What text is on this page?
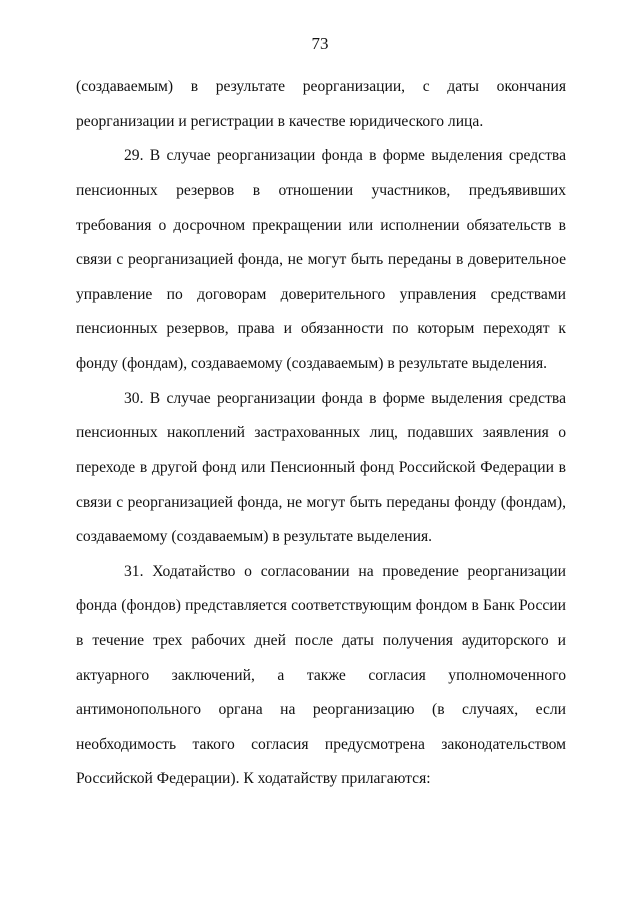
73

(создаваемым) в результате реорганизации, с даты окончания реорганизации и регистрации в качестве юридического лица.

29. В случае реорганизации фонда в форме выделения средства пенсионных резервов в отношении участников, предъявивших требования о досрочном прекращении или исполнении обязательств в связи с реорганизацией фонда, не могут быть переданы в доверительное управление по договорам доверительного управления средствами пенсионных резервов, права и обязанности по которым переходят к фонду (фондам), создаваемому (создаваемым) в результате выделения.

30. В случае реорганизации фонда в форме выделения средства пенсионных накоплений застрахованных лиц, подавших заявления о переходе в другой фонд или Пенсионный фонд Российской Федерации в связи с реорганизацией фонда, не могут быть переданы фонду (фондам), создаваемому (создаваемым) в результате выделения.

31. Ходатайство о согласовании на проведение реорганизации фонда (фондов) представляется соответствующим фондом в Банк России в течение трех рабочих дней после даты получения аудиторского и актуарного заключений, а также согласия уполномоченного антимонопольного органа на реорганизацию (в случаях, если необходимость такого согласия предусмотрена законодательством Российской Федерации). К ходатайству прилагаются:
